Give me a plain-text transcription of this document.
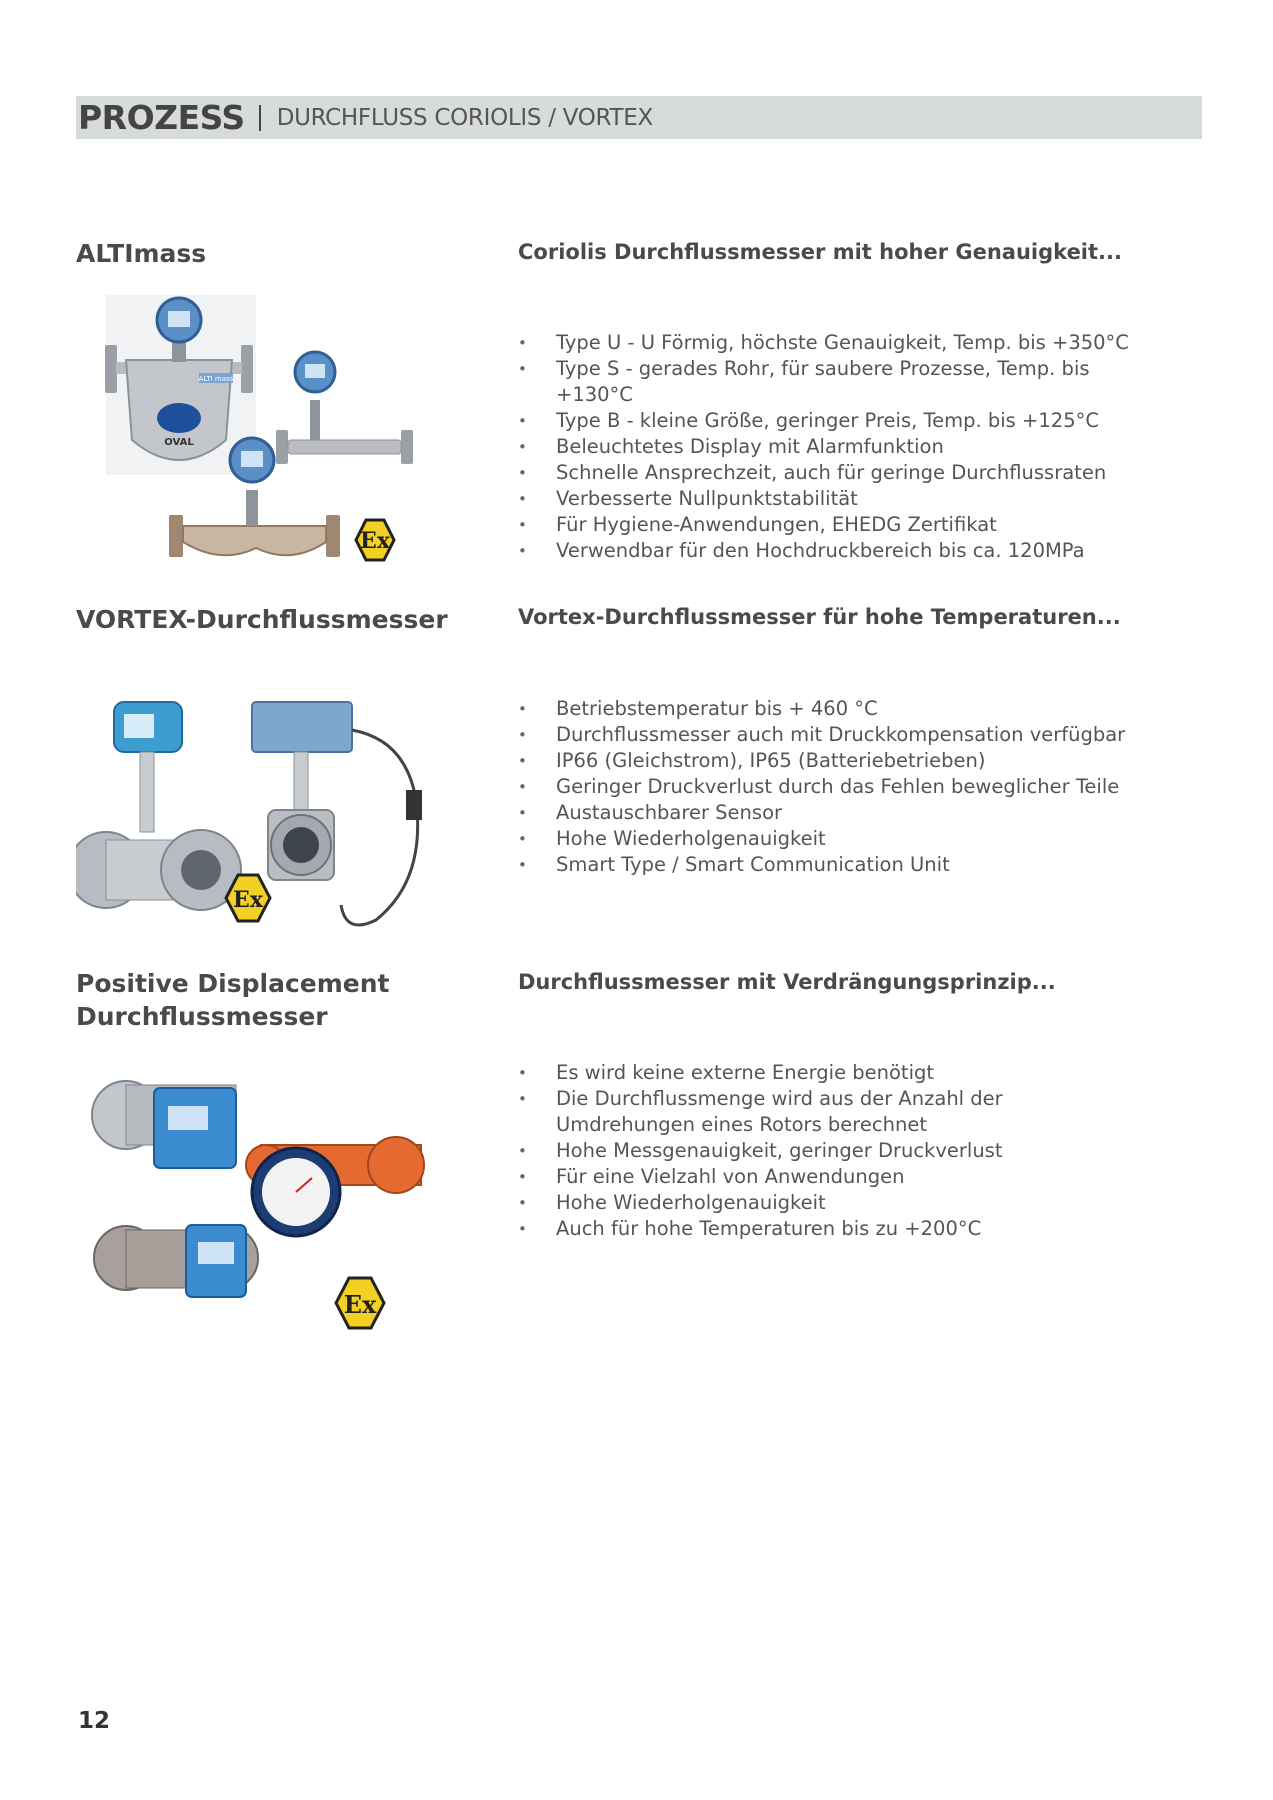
PROZESS DURCHFLUSS CORIOLIS / VORTEX
ALTImass	Coriolis Durchflussmesser mit hoher Genauigkeit...
OVAL
ALTI mass
Ex
• Type U - U Förmig, höchste Genauigkeit, Temp. bis +350°C
• Type S - gerades Rohr, für saubere Prozesse, Temp. bis +130°C
• Type B - kleine Größe, geringer Preis, Temp. bis +125°C
• Beleuchtetes Display mit Alarmfunktion
• Schnelle Ansprechzeit, auch für geringe Durchflussraten
• Verbesserte Nullpunktstabilität
• Für Hygiene-Anwendungen, EHEDG Zertifikat
• Verwendbar für den Hochdruckbereich bis ca. 120MPa
VORTEX-Durchflussmesser	Vortex-Durchflussmesser für hohe Temperaturen...
Ex
• Betriebstemperatur bis + 460 °C
• Durchflussmesser auch mit Druckkompensation verfügbar
• IP66 (Gleichstrom), IP65 (Batteriebetrieben)
• Geringer Druckverlust durch das Fehlen beweglicher Teile
• Austauschbarer Sensor
• Hohe Wiederholgenauigkeit
• Smart Type / Smart Communication Unit
Positive Displacement Durchflussmesser
Durchflussmesser mit Verdrängungsprinzip...
Ex
• Es wird keine externe Energie benötigt
• Die Durchflussmenge wird aus der Anzahl der Umdrehungen eines Rotors berechnet
• Hohe Messgenauigkeit, geringer Druckverlust
• Für eine Vielzahl von Anwendungen
• Hohe Wiederholgenauigkeit
• Auch für hohe Temperaturen bis zu +200°C
12
